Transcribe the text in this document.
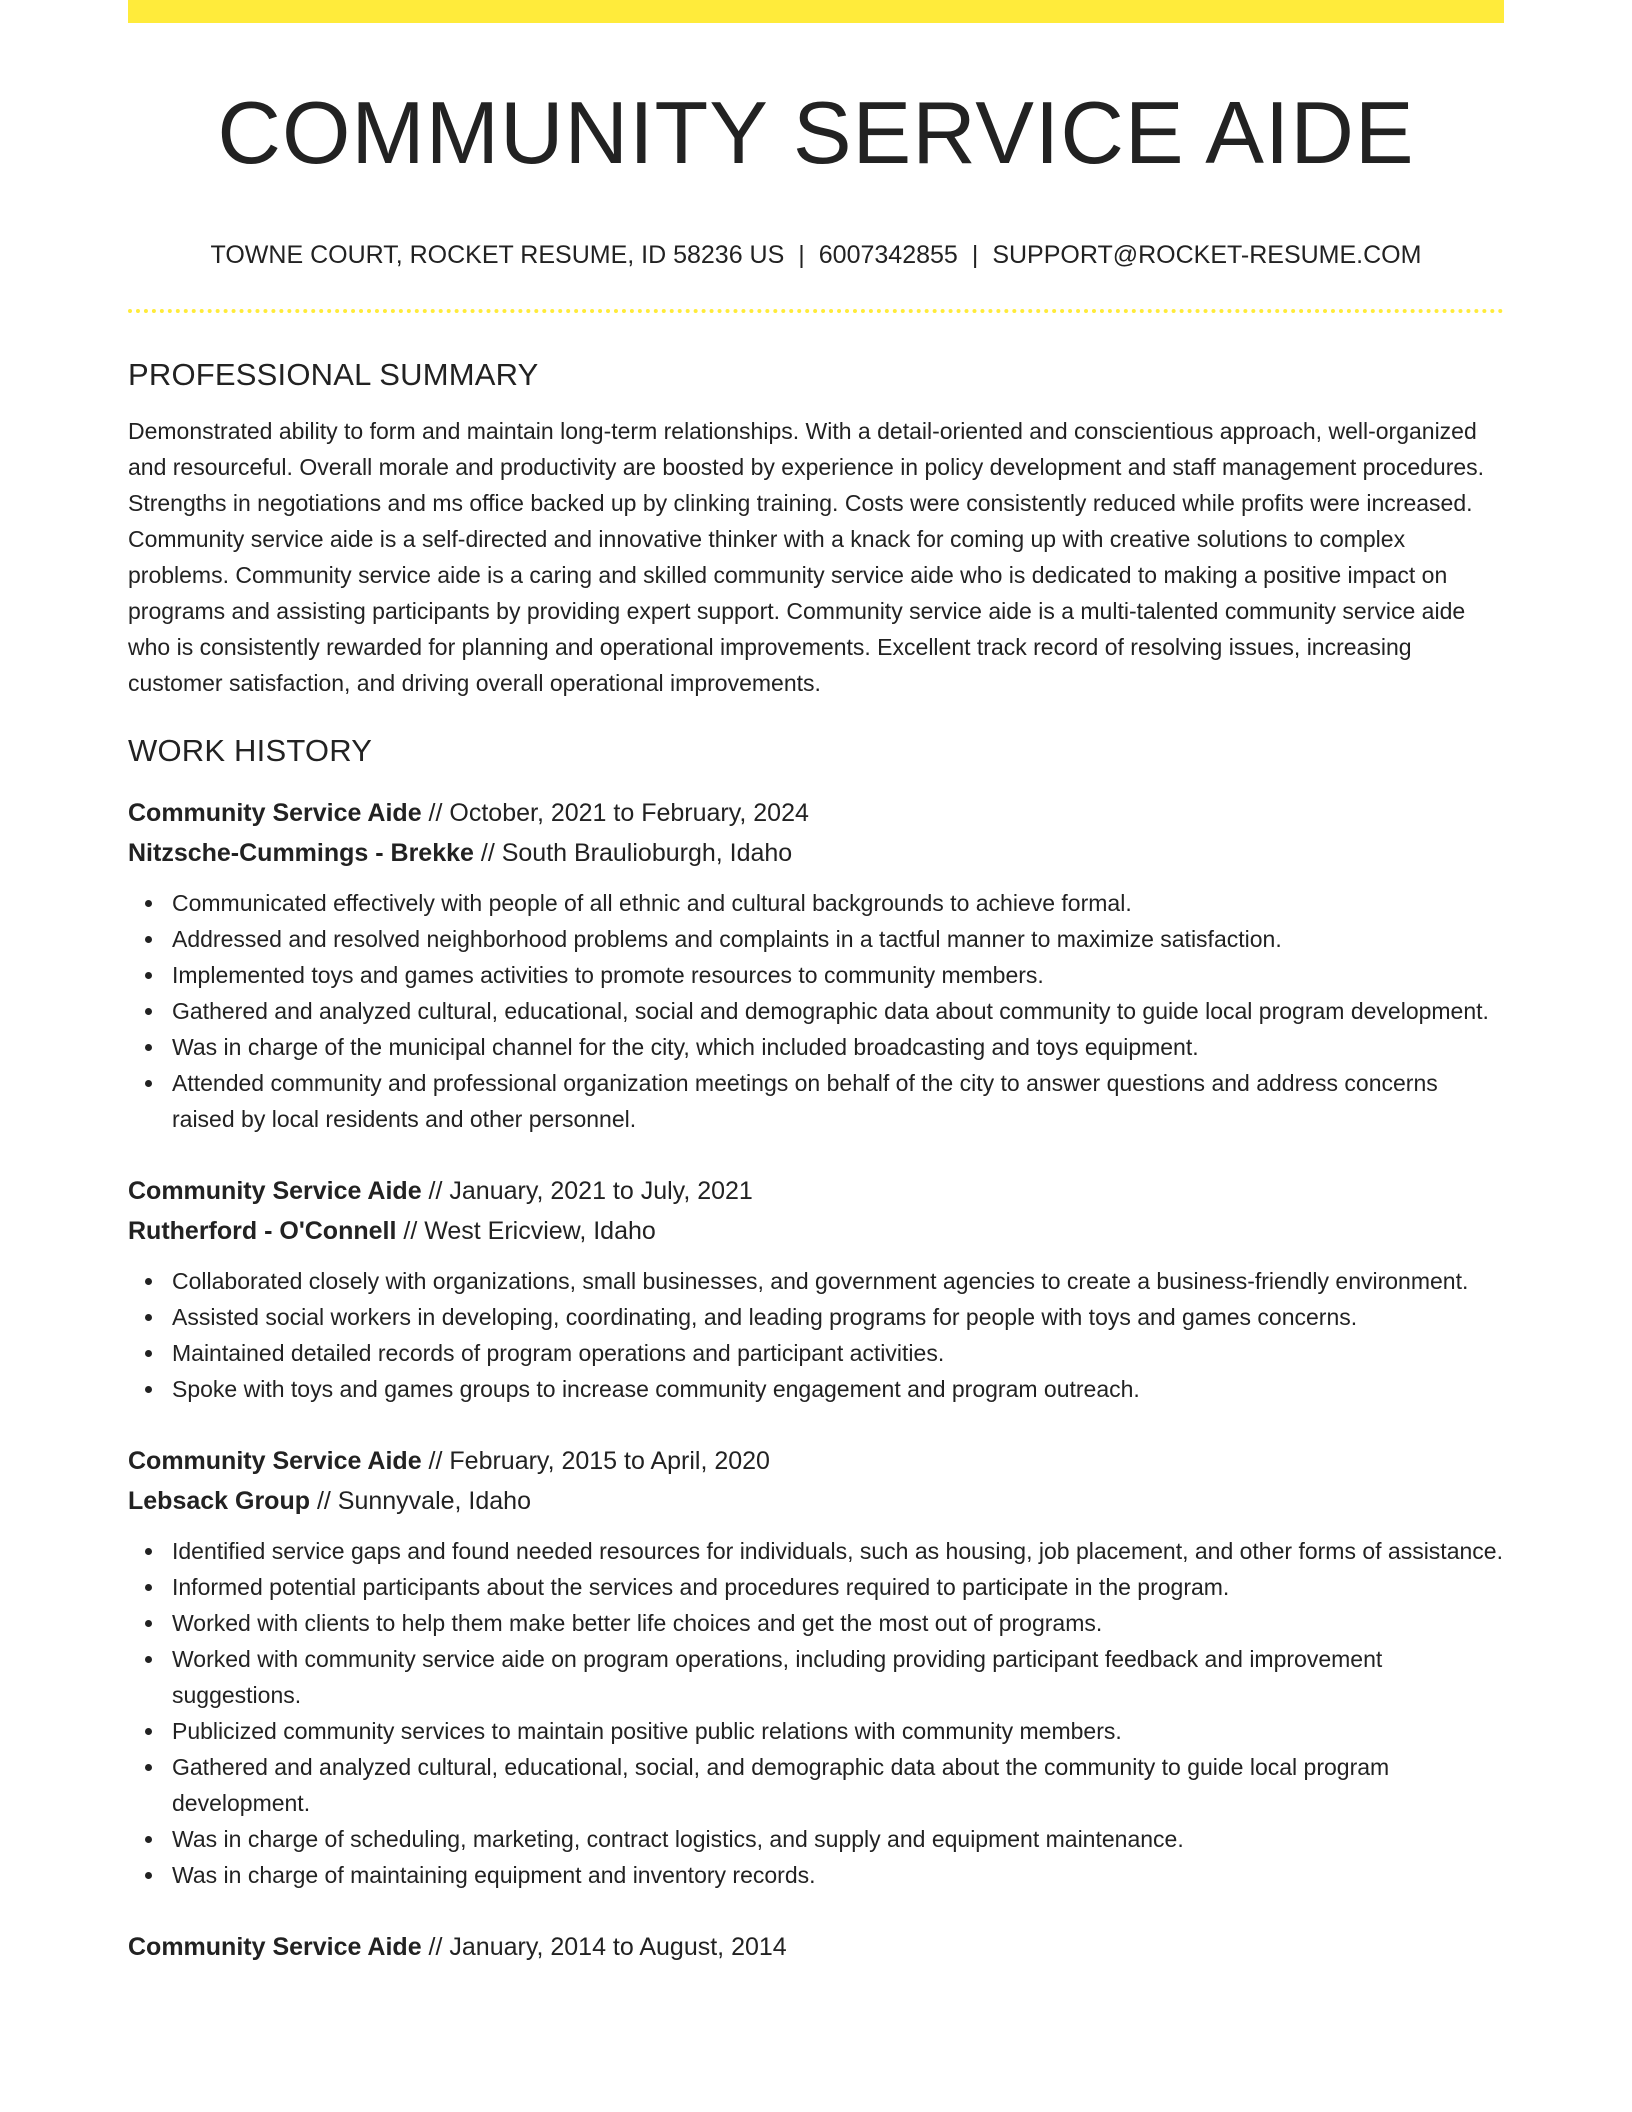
COMMUNITY SERVICE AIDE
TOWNE COURT, ROCKET RESUME, ID 58236 US | 6007342855 | SUPPORT@ROCKET-RESUME.COM
PROFESSIONAL SUMMARY
Demonstrated ability to form and maintain long-term relationships. With a detail-oriented and conscientious approach, well-organized and resourceful. Overall morale and productivity are boosted by experience in policy development and staff management procedures. Strengths in negotiations and ms office backed up by clinking training. Costs were consistently reduced while profits were increased. Community service aide is a self-directed and innovative thinker with a knack for coming up with creative solutions to complex problems. Community service aide is a caring and skilled community service aide who is dedicated to making a positive impact on programs and assisting participants by providing expert support. Community service aide is a multi-talented community service aide who is consistently rewarded for planning and operational improvements. Excellent track record of resolving issues, increasing customer satisfaction, and driving overall operational improvements.
WORK HISTORY
Community Service Aide // October, 2021 to February, 2024
Nitzsche-Cummings - Brekke // South Braulioburgh, Idaho
Communicated effectively with people of all ethnic and cultural backgrounds to achieve formal.
Addressed and resolved neighborhood problems and complaints in a tactful manner to maximize satisfaction.
Implemented toys and games activities to promote resources to community members.
Gathered and analyzed cultural, educational, social and demographic data about community to guide local program development.
Was in charge of the municipal channel for the city, which included broadcasting and toys equipment.
Attended community and professional organization meetings on behalf of the city to answer questions and address concerns raised by local residents and other personnel.
Community Service Aide // January, 2021 to July, 2021
Rutherford - O'Connell // West Ericview, Idaho
Collaborated closely with organizations, small businesses, and government agencies to create a business-friendly environment.
Assisted social workers in developing, coordinating, and leading programs for people with toys and games concerns.
Maintained detailed records of program operations and participant activities.
Spoke with toys and games groups to increase community engagement and program outreach.
Community Service Aide // February, 2015 to April, 2020
Lebsack Group // Sunnyvale, Idaho
Identified service gaps and found needed resources for individuals, such as housing, job placement, and other forms of assistance.
Informed potential participants about the services and procedures required to participate in the program.
Worked with clients to help them make better life choices and get the most out of programs.
Worked with community service aide on program operations, including providing participant feedback and improvement suggestions.
Publicized community services to maintain positive public relations with community members.
Gathered and analyzed cultural, educational, social, and demographic data about the community to guide local program development.
Was in charge of scheduling, marketing, contract logistics, and supply and equipment maintenance.
Was in charge of maintaining equipment and inventory records.
Community Service Aide // January, 2014 to August, 2014
